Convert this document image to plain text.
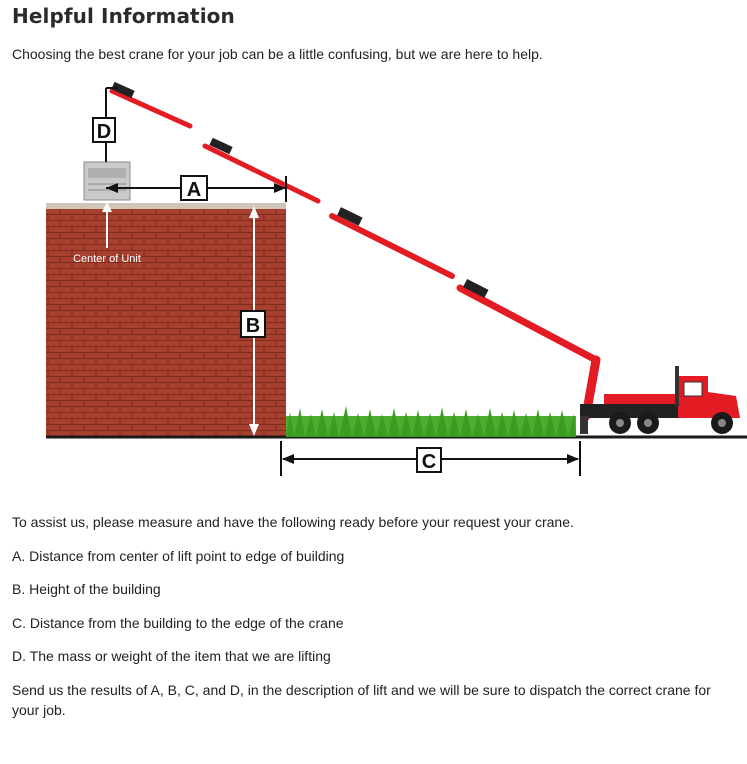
Helpful Information
Choosing the best crane for your job can be a little confusing, but we are here to help.
D
A
Center of Unit
B
C
To assist us, please measure and have the following ready before your request your crane.
A. Distance from center of lift point to edge of building
B. Height of the building
C. Distance from the building to the edge of the crane
D. The mass or weight of the item that we are lifting
Send us the results of A, B, C, and D, in the description of lift and we will be sure to dispatch the correct crane for your job.
